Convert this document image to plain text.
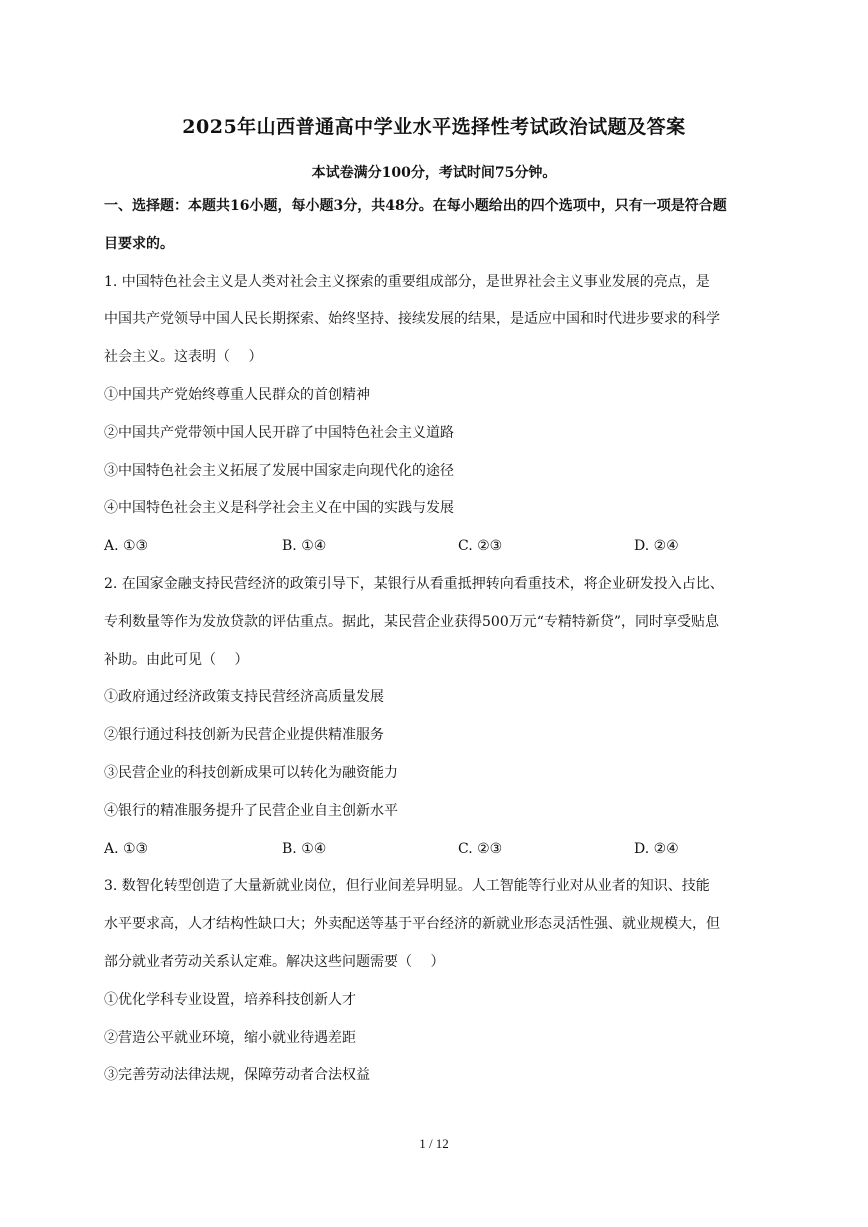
2025年山西普通高中学业水平选择性考试政治试题及答案
本试卷满分100分，考试时间75分钟。
一、选择题：本题共16小题，每小题3分，共48分。在每小题给出的四个选项中，只有一项是符合题
目要求的。
1. 中国特色社会主义是人类对社会主义探索的重要组成部分，是世界社会主义事业发展的亮点，是
中国共产党领导中国人民长期探索、始终坚持、接续发展的结果，是适应中国和时代进步要求的科学
社会主义。这表明（　 ）
①中国共产党始终尊重人民群众的首创精神
②中国共产党带领中国人民开辟了中国特色社会主义道路
③中国特色社会主义拓展了发展中国家走向现代化的途径
④中国特色社会主义是科学社会主义在中国的实践与发展
A. ①③	B. ①④	C. ②③	D. ②④
2. 在国家金融支持民营经济的政策引导下，某银行从看重抵押转向看重技术，将企业研发投入占比、
专利数量等作为发放贷款的评估重点。据此，某民营企业获得500万元“专精特新贷”，同时享受贴息
补助。由此可见（　 ）
①政府通过经济政策支持民营经济高质量发展
②银行通过科技创新为民营企业提供精准服务
③民营企业的科技创新成果可以转化为融资能力
④银行的精准服务提升了民营企业自主创新水平
A. ①③	B. ①④	C. ②③	D. ②④
3. 数智化转型创造了大量新就业岗位，但行业间差异明显。人工智能等行业对从业者的知识、技能
水平要求高，人才结构性缺口大；外卖配送等基于平台经济的新就业形态灵活性强、就业规模大，但
部分就业者劳动关系认定难。解决这些问题需要（　 ）
①优化学科专业设置，培养科技创新人才
②营造公平就业环境，缩小就业待遇差距
③完善劳动法律法规，保障劳动者合法权益
1 / 12
